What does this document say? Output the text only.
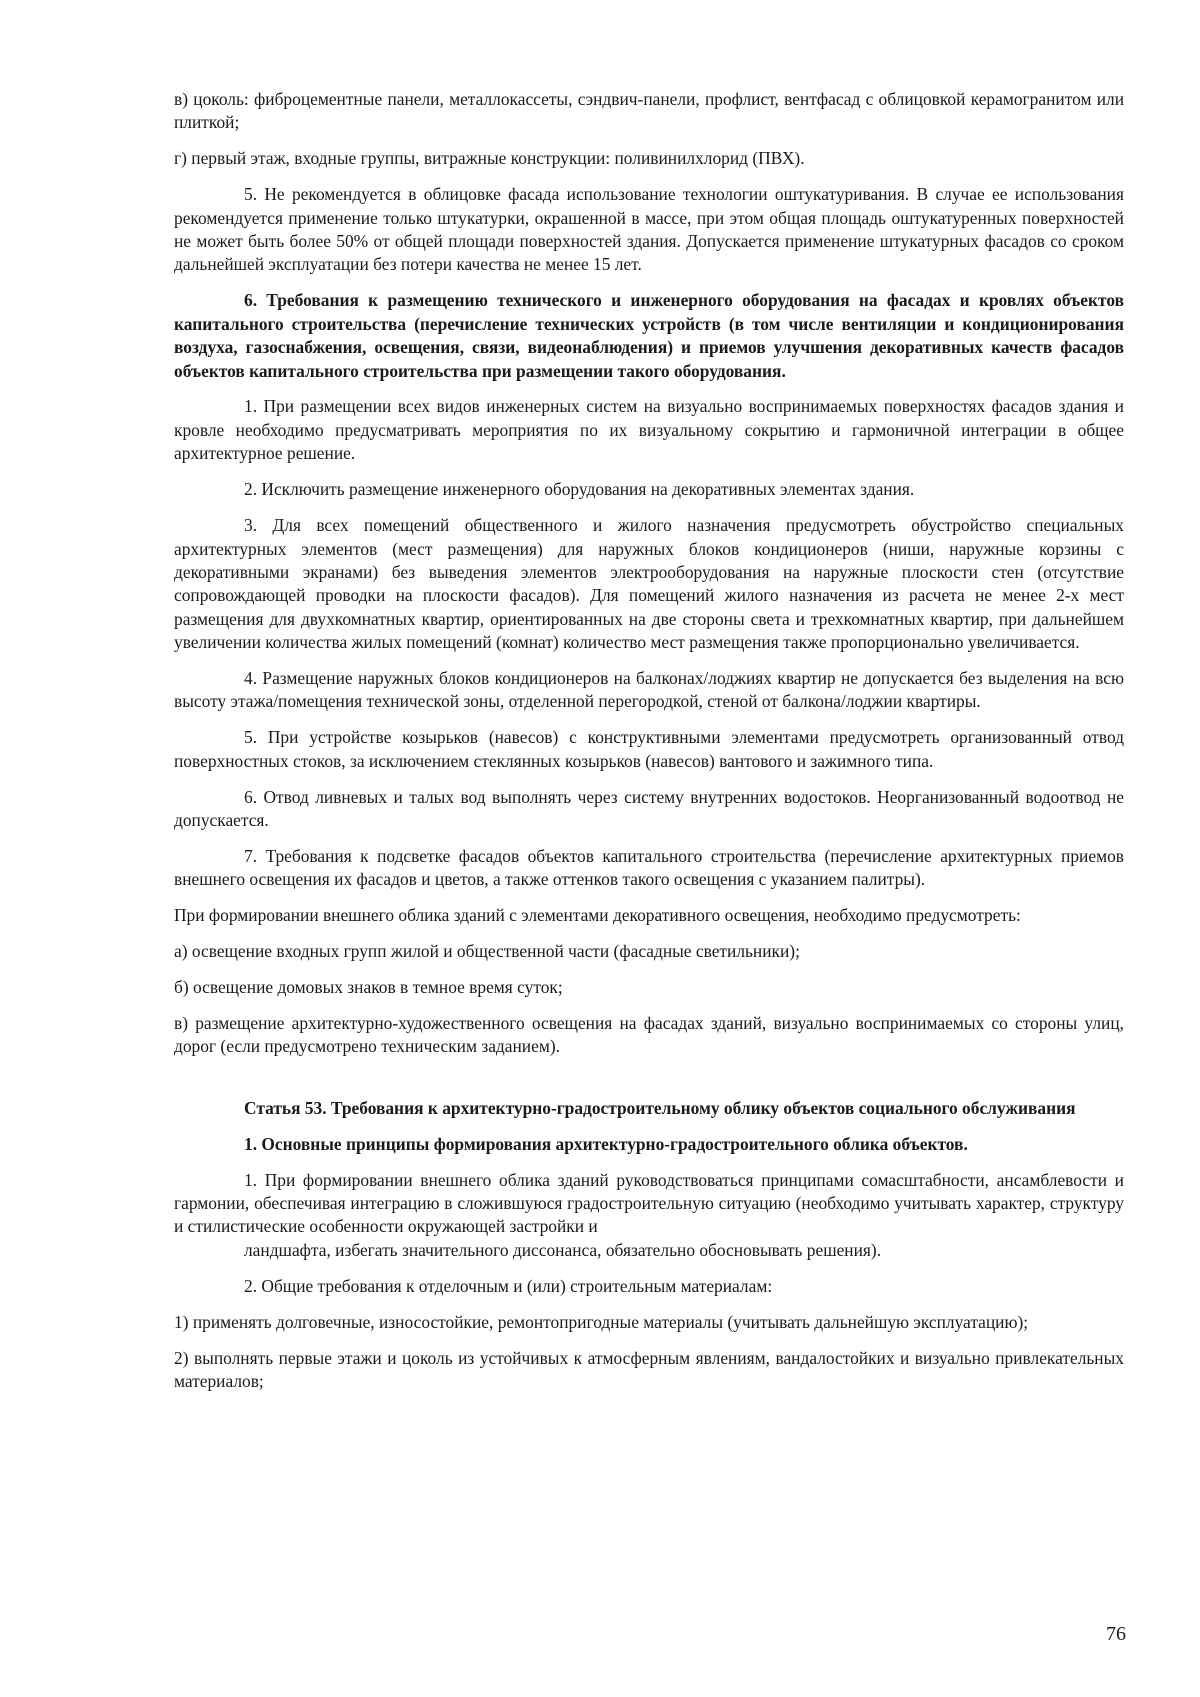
в) цоколь: фиброцементные панели, металлокассеты, сэндвич-панели, профлист, вентфасад с облицовкой керамогранитом или плиткой;

г) первый этаж, входные группы, витражные конструкции: поливинилхлорид (ПВХ).

5. Не рекомендуется в облицовке фасада использование технологии оштукатуривания. В случае ее использования рекомендуется применение только штукатурки, окрашенной в массе, при этом общая площадь оштукатуренных поверхностей не может быть более 50% от общей площади поверхностей здания. Допускается применение штукатурных фасадов со сроком дальнейшей эксплуатации без потери качества не менее 15 лет.

6. Требования к размещению технического и инженерного оборудования на фасадах и кровлях объектов капитального строительства (перечисление технических устройств (в том числе вентиляции и кондиционирования воздуха, газоснабжения, освещения, связи, видеонаблюдения) и приемов улучшения декоративных качеств фасадов объектов капитального строительства при размещении такого оборудования.

1. При размещении всех видов инженерных систем на визуально воспринимаемых поверхностях фасадов здания и кровле необходимо предусматривать мероприятия по их визуальному сокрытию и гармоничной интеграции в общее архитектурное решение.

2. Исключить размещение инженерного оборудования на декоративных элементах здания.

3. Для всех помещений общественного и жилого назначения предусмотреть обустройство специальных архитектурных элементов (мест размещения) для наружных блоков кондиционеров (ниши, наружные корзины с декоративными экранами) без выведения элементов электрооборудования на наружные плоскости стен (отсутствие сопровождающей проводки на плоскости фасадов). Для помещений жилого назначения из расчета не менее 2-х мест размещения для двухкомнатных квартир, ориентированных на две стороны света и трехкомнатных квартир, при дальнейшем увеличении количества жилых помещений (комнат) количество мест размещения также пропорционально увеличивается.

4. Размещение наружных блоков кондиционеров на балконах/лоджиях квартир не допускается без выделения на всю высоту этажа/помещения технической зоны, отделенной перегородкой, стеной от балкона/лоджии квартиры.

5. При устройстве козырьков (навесов) с конструктивными элементами предусмотреть организованный отвод поверхностных стоков, за исключением стеклянных козырьков (навесов) вантового и зажимного типа.

6. Отвод ливневых и талых вод выполнять через систему внутренних водостоков. Неорганизованный водоотвод не допускается.

7. Требования к подсветке фасадов объектов капитального строительства (перечисление архитектурных приемов внешнего освещения их фасадов и цветов, а также оттенков такого освещения с указанием палитры).

При формировании внешнего облика зданий с элементами декоративного освещения, необходимо предусмотреть:

а) освещение входных групп жилой и общественной части (фасадные светильники);

б) освещение домовых знаков в темное время суток;

в) размещение архитектурно-художественного освещения на фасадах зданий, визуально воспринимаемых со стороны улиц, дорог (если предусмотрено техническим заданием).

Статья 53. Требования к архитектурно-градостроительному облику объектов социального обслуживания

1. Основные принципы формирования архитектурно-градостроительного облика объектов.

1. При формировании внешнего облика зданий руководствоваться принципами сомасштабности, ансамблевости и гармонии, обеспечивая интеграцию в сложившуюся градостроительную ситуацию (необходимо учитывать характер, структуру и стилистические особенности окружающей застройки и

ландшафта, избегать значительного диссонанса, обязательно обосновывать решения).

2. Общие требования к отделочным и (или) строительным материалам:

1) применять долговечные, износостойкие, ремонтопригодные материалы (учитывать дальнейшую эксплуатацию);

2) выполнять первые этажи и цоколь из устойчивых к атмосферным явлениям, вандалостойких и визуально привлекательных материалов;

76
